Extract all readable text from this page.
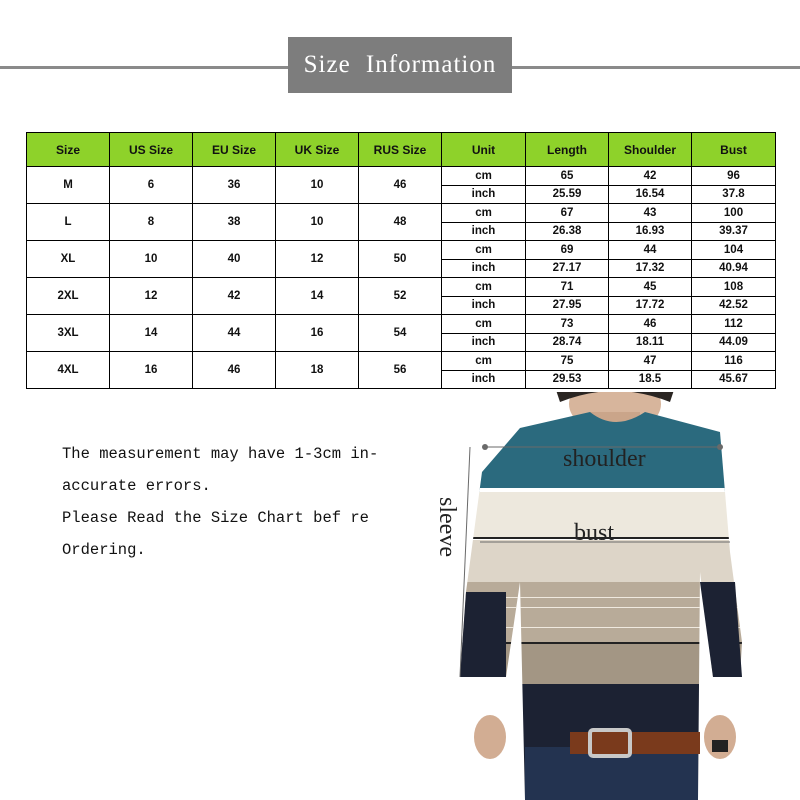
Size Information
Size	US Size	EU Size	UK Size	RUS Size	Unit	Length	Shoulder	Bust
M	6	36	10	46	cm	65	42	96
					inch	25.59	16.54	37.8
L	8	38	10	48	cm	67	43	100
					inch	26.38	16.93	39.37
XL	10	40	12	50	cm	69	44	104
					inch	27.17	17.32	40.94
2XL	12	42	14	52	cm	71	45	108
					inch	27.95	17.72	42.52
3XL	14	44	16	54	cm	73	46	112
					inch	28.74	18.11	44.09
4XL	16	46	18	56	cm	75	47	116
					inch	29.53	18.5	45.67
The measurement may have 1-3cm in-
accurate errors.
Please Read the Size Chart bef re
Ordering.
shoulder
bust
sleeve
